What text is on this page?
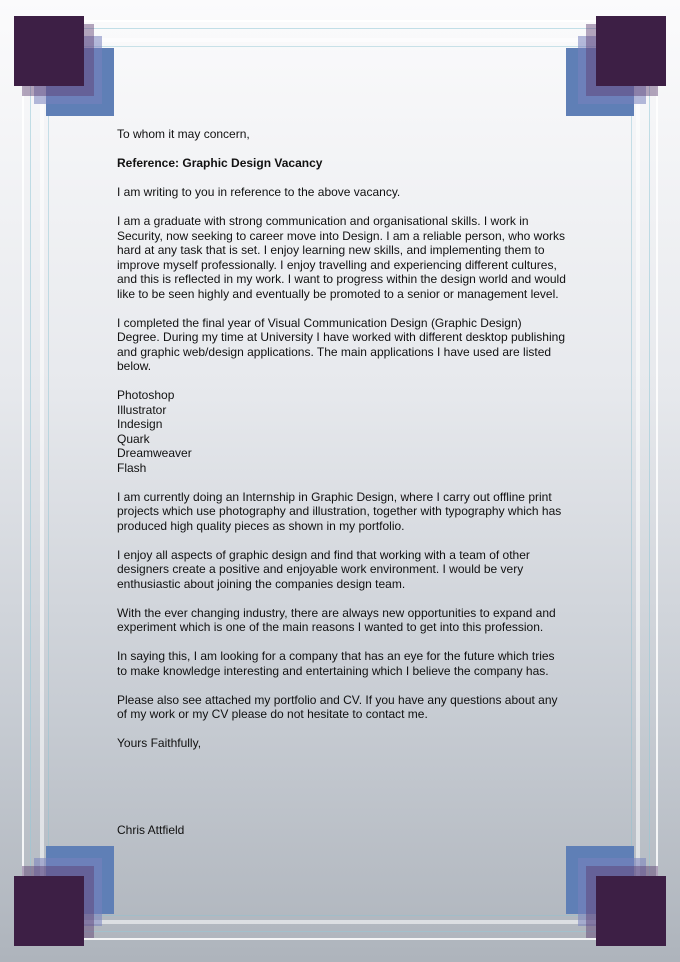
To whom it may concern,

Reference: Graphic Design Vacancy

I am writing to you in reference to the above vacancy.

I am a graduate with strong communication and organisational skills. I work in Security, now seeking to career move into Design. I am a reliable person, who works hard at any task that is set. I enjoy learning new skills, and implementing them to improve myself professionally. I enjoy travelling and experiencing different cultures, and this is reflected in my work. I want to progress within the design world and would like to be seen highly and eventually be promoted to a senior or management level.

I completed the final year of Visual Communication Design (Graphic Design) Degree. During my time at University I have worked with different desktop publishing and graphic web/design applications. The main applications I have used are listed below.

Photoshop
Illustrator
Indesign
Quark
Dreamweaver
Flash

I am currently doing an Internship in Graphic Design, where I carry out offline print projects which use photography and illustration, together with typography which has produced high quality pieces as shown in my portfolio.

I enjoy all aspects of graphic design and find that working with a team of other designers create a positive and enjoyable work environment. I would be very enthusiastic about joining the companies design team.

With the ever changing industry, there are always new opportunities to expand and experiment which is one of the main reasons I wanted to get into this profession.

In saying this, I am looking for a company that has an eye for the future which tries to make knowledge interesting and entertaining which I believe the company has.

Please also see attached my portfolio and CV. If you have any questions about any of my work or my CV please do not hesitate to contact me.

Yours Faithfully,

Chris Attfield
